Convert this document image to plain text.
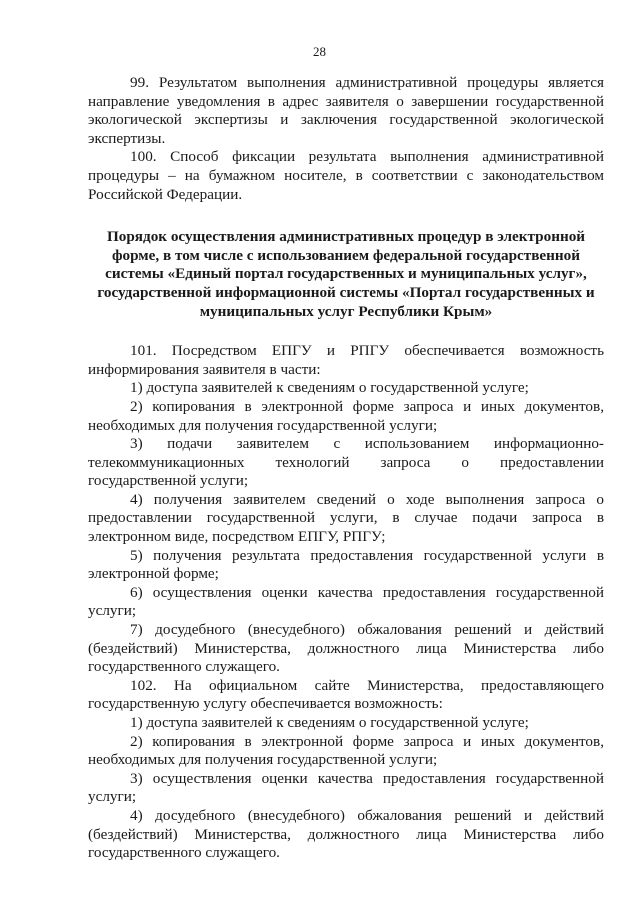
28

99. Результатом выполнения административной процедуры является направление уведомления в адрес заявителя о завершении государственной экологической экспертизы и заключения государственной экологической экспертизы.

100. Способ фиксации результата выполнения административной процедуры – на бумажном носителе, в соответствии с законодательством Российской Федерации.

Порядок осуществления административных процедур в электронной
форме, в том числе с использованием федеральной государственной
системы «Единый портал государственных и муниципальных услуг»,
государственной информационной системы «Портал государственных и
муниципальных услуг Республики Крым»

101. Посредством ЕПГУ и РПГУ обеспечивается возможность информирования заявителя в части:

1) доступа заявителей к сведениям о государственной услуге;

2) копирования в электронной форме запроса и иных документов, необходимых для получения государственной услуги;

3) подачи заявителем с использованием информационно-телекоммуникационных технологий запроса о предоставлении государственной услуги;

4) получения заявителем сведений о ходе выполнения запроса о предоставлении государственной услуги, в случае подачи запроса в электронном виде, посредством ЕПГУ, РПГУ;

5) получения результата предоставления государственной услуги в электронной форме;

6) осуществления оценки качества предоставления государственной услуги;

7) досудебного (внесудебного) обжалования решений и действий (бездействий) Министерства, должностного лица Министерства либо государственного служащего.

102. На официальном сайте Министерства, предоставляющего государственную услугу обеспечивается возможность:

1) доступа заявителей к сведениям о государственной услуге;

2) копирования в электронной форме запроса и иных документов, необходимых для получения государственной услуги;

3) осуществления оценки качества предоставления государственной услуги;

4) досудебного (внесудебного) обжалования решений и действий (бездействий) Министерства, должностного лица Министерства либо государственного служащего.
